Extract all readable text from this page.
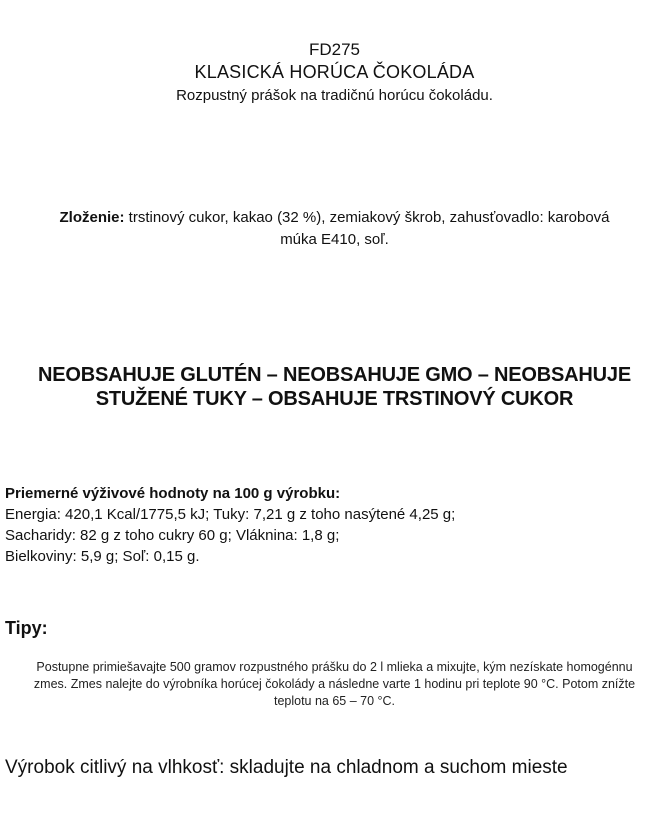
FD275
KLASICKÁ HORÚCA ČOKOLÁDA
Rozpustný prášok na tradičnú horúcu čokoládu.
Zloženie: trstinový cukor, kakao (32 %), zemiakový škrob, zahusťovadlo: karobová múka E410, soľ.
NEOBSAHUJE GLUTÉN – NEOBSAHUJE GMO – NEOBSAHUJE STUŽENÉ TUKY – OBSAHUJE TRSTINOVÝ CUKOR
Priemerné výživové hodnoty na 100 g výrobku:
Energia: 420,1 Kcal/1775,5 kJ; Tuky: 7,21 g z toho nasýtené 4,25 g;
Sacharidy: 82 g z toho cukry 60 g; Vláknina: 1,8 g;
Bielkoviny: 5,9 g; Soľ: 0,15 g.
Tipy:
Postupne primiešavajte 500 gramov rozpustného prášku do 2 l mlieka a mixujte, kým nezískate homogénnu zmes. Zmes nalejte do výrobníka horúcej čokolády a následne varte 1 hodinu pri teplote 90 °C. Potom znížte teplotu na 65 – 70 °C.
Výrobok citlivý na vlhkosť: skladujte na chladnom a suchom mieste
